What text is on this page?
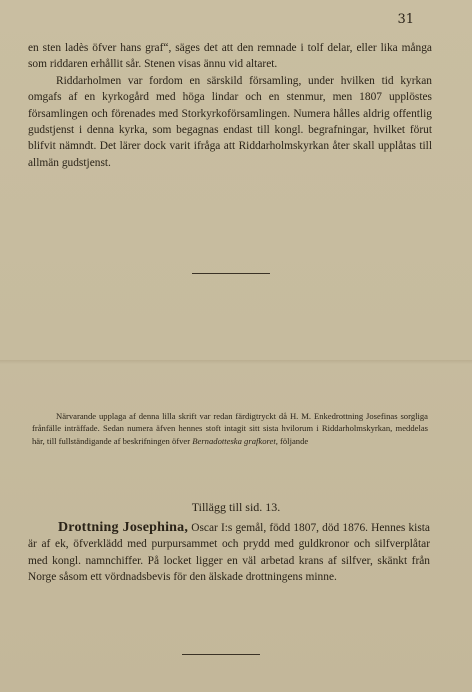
31

en sten ladès öfver hans graf“, säges det att den remnade i tolf delar, eller lika många som riddaren erhållit sår. Stenen visas ännu vid altaret.

Riddarholmen var fordom en särskild församling, under hvilken tid kyrkan omgafs af en kyrkogård med höga lindar och en stenmur, men 1807 upplöstes församlingen och förenades med Storkyrkoförsamlingen. Numera hålles aldrig offentlig gudstjenst i denna kyrka, som begagnas endast till kongl. begrafningar, hvilket förut blifvit nämndt. Det lärer dock varit ifråga att Riddarholmskyrkan åter skall upplåtas till allmän gudstjenst.

Närvarande upplaga af denna lilla skrift var redan färdigtryckt då H. M. Enkedrottning Josefinas sorgliga frånfälle inträffade. Sedan numera äfven hennes stoft intagit sitt sista hvilorum i Riddarholmskyrkan, meddelas här, till fullständigande af beskrifningen öfver Bernadotteska grafkoret, följande

Tillägg till sid. 13.

Drottning Josephina, Oscar I:s gemål, född 1807, död 1876. Hennes kista är af ek, öfverklädd med purpursammet och prydd med guldkronor och silfverplåtar med kongl. namnchiffer. På locket ligger en väl arbetad krans af silfver, skänkt från Norge såsom ett vördnadsbevis för den älskade drottningens minne.
